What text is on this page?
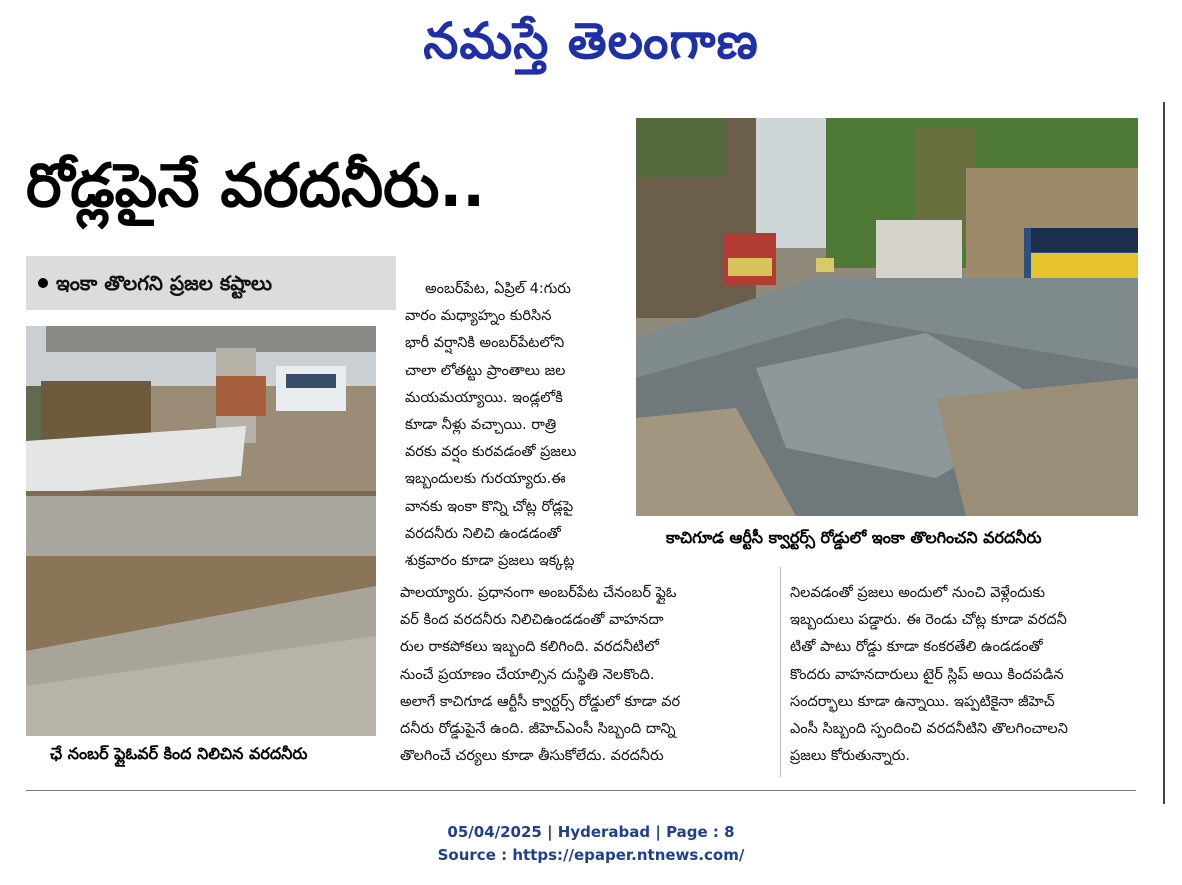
నమస్తే తెలంగాణ
రోడ్లపైనే వరదనీరు..
ఇంకా తొలగని ప్రజల కష్టాలు
ఛే నంబర్ ఫ్లైఓవర్ కింద నిలిచిన వరదనీరు
కాచిగూడ ఆర్టీసీ క్వార్టర్స్ రోడ్డులో ఇంకా తొలగించని వరదనీరు

అంబర్‌పేట, ఏప్రిల్ 4:గురు

వారం మధ్యాహ్నం కురిసిన

భారీ వర్షానికి అంబర్‌పేటలోని

చాలా లోతట్టు ప్రాంతాలు జల

మయమయ్యాయి. ఇండ్లలోకి

కూడా నీళ్లు వచ్చాయి. రాత్రి

వరకు వర్షం కురవడంతో ప్రజలు

ఇబ్బందులకు గురయ్యారు.ఈ

వానకు ఇంకా కొన్ని చోట్ల రోడ్లపై

వరదనీరు నిలిచి ఉండడంతో

శుక్రవారం కూడా ప్రజలు ఇక్కట్ల

పాలయ్యారు. ప్రధానంగా అంబర్‌పేట చేనంబర్ ఫ్లైఓ

వర్ కింద వరదనీరు నిలిచిఉండడంతో వాహనదా

రుల రాకపోకలు ఇబ్బంది కలిగింది. వరదనీటిలో

నుంచే ప్రయాణం చేయాల్సిన దుస్థితి నెలకొంది.

అలాగే కాచిగూడ ఆర్టీసీ క్వార్టర్స్ రోడ్డులో కూడా వర

దనీరు రోడ్డుపైనే ఉంది. జీహెచ్‌ఎంసీ సిబ్బంది దాన్ని

తొలగించే చర్యలు కూడా తీసుకోలేదు. వరదనీరు

నిలవడంతో ప్రజలు అందులో నుంచి వెళ్లేందుకు

ఇబ్బందులు పడ్డారు. ఈ రెండు చోట్ల కూడా వరదనీ

టితో పాటు రోడ్డు కూడా కంకరతేలి ఉండడంతో

కొందరు వాహనదారులు టైర్ స్లిప్ అయి కిందపడిన

సందర్భాలు కూడా ఉన్నాయి. ఇప్పటికైనా జీహెచ్

ఎంసీ సిబ్బంది స్పందించి వరదనీటిని తొలగించాలని

ప్రజలు కోరుతున్నారు.

05/04/2025 | Hyderabad | Page : 8
Source : https://epaper.ntnews.com/
